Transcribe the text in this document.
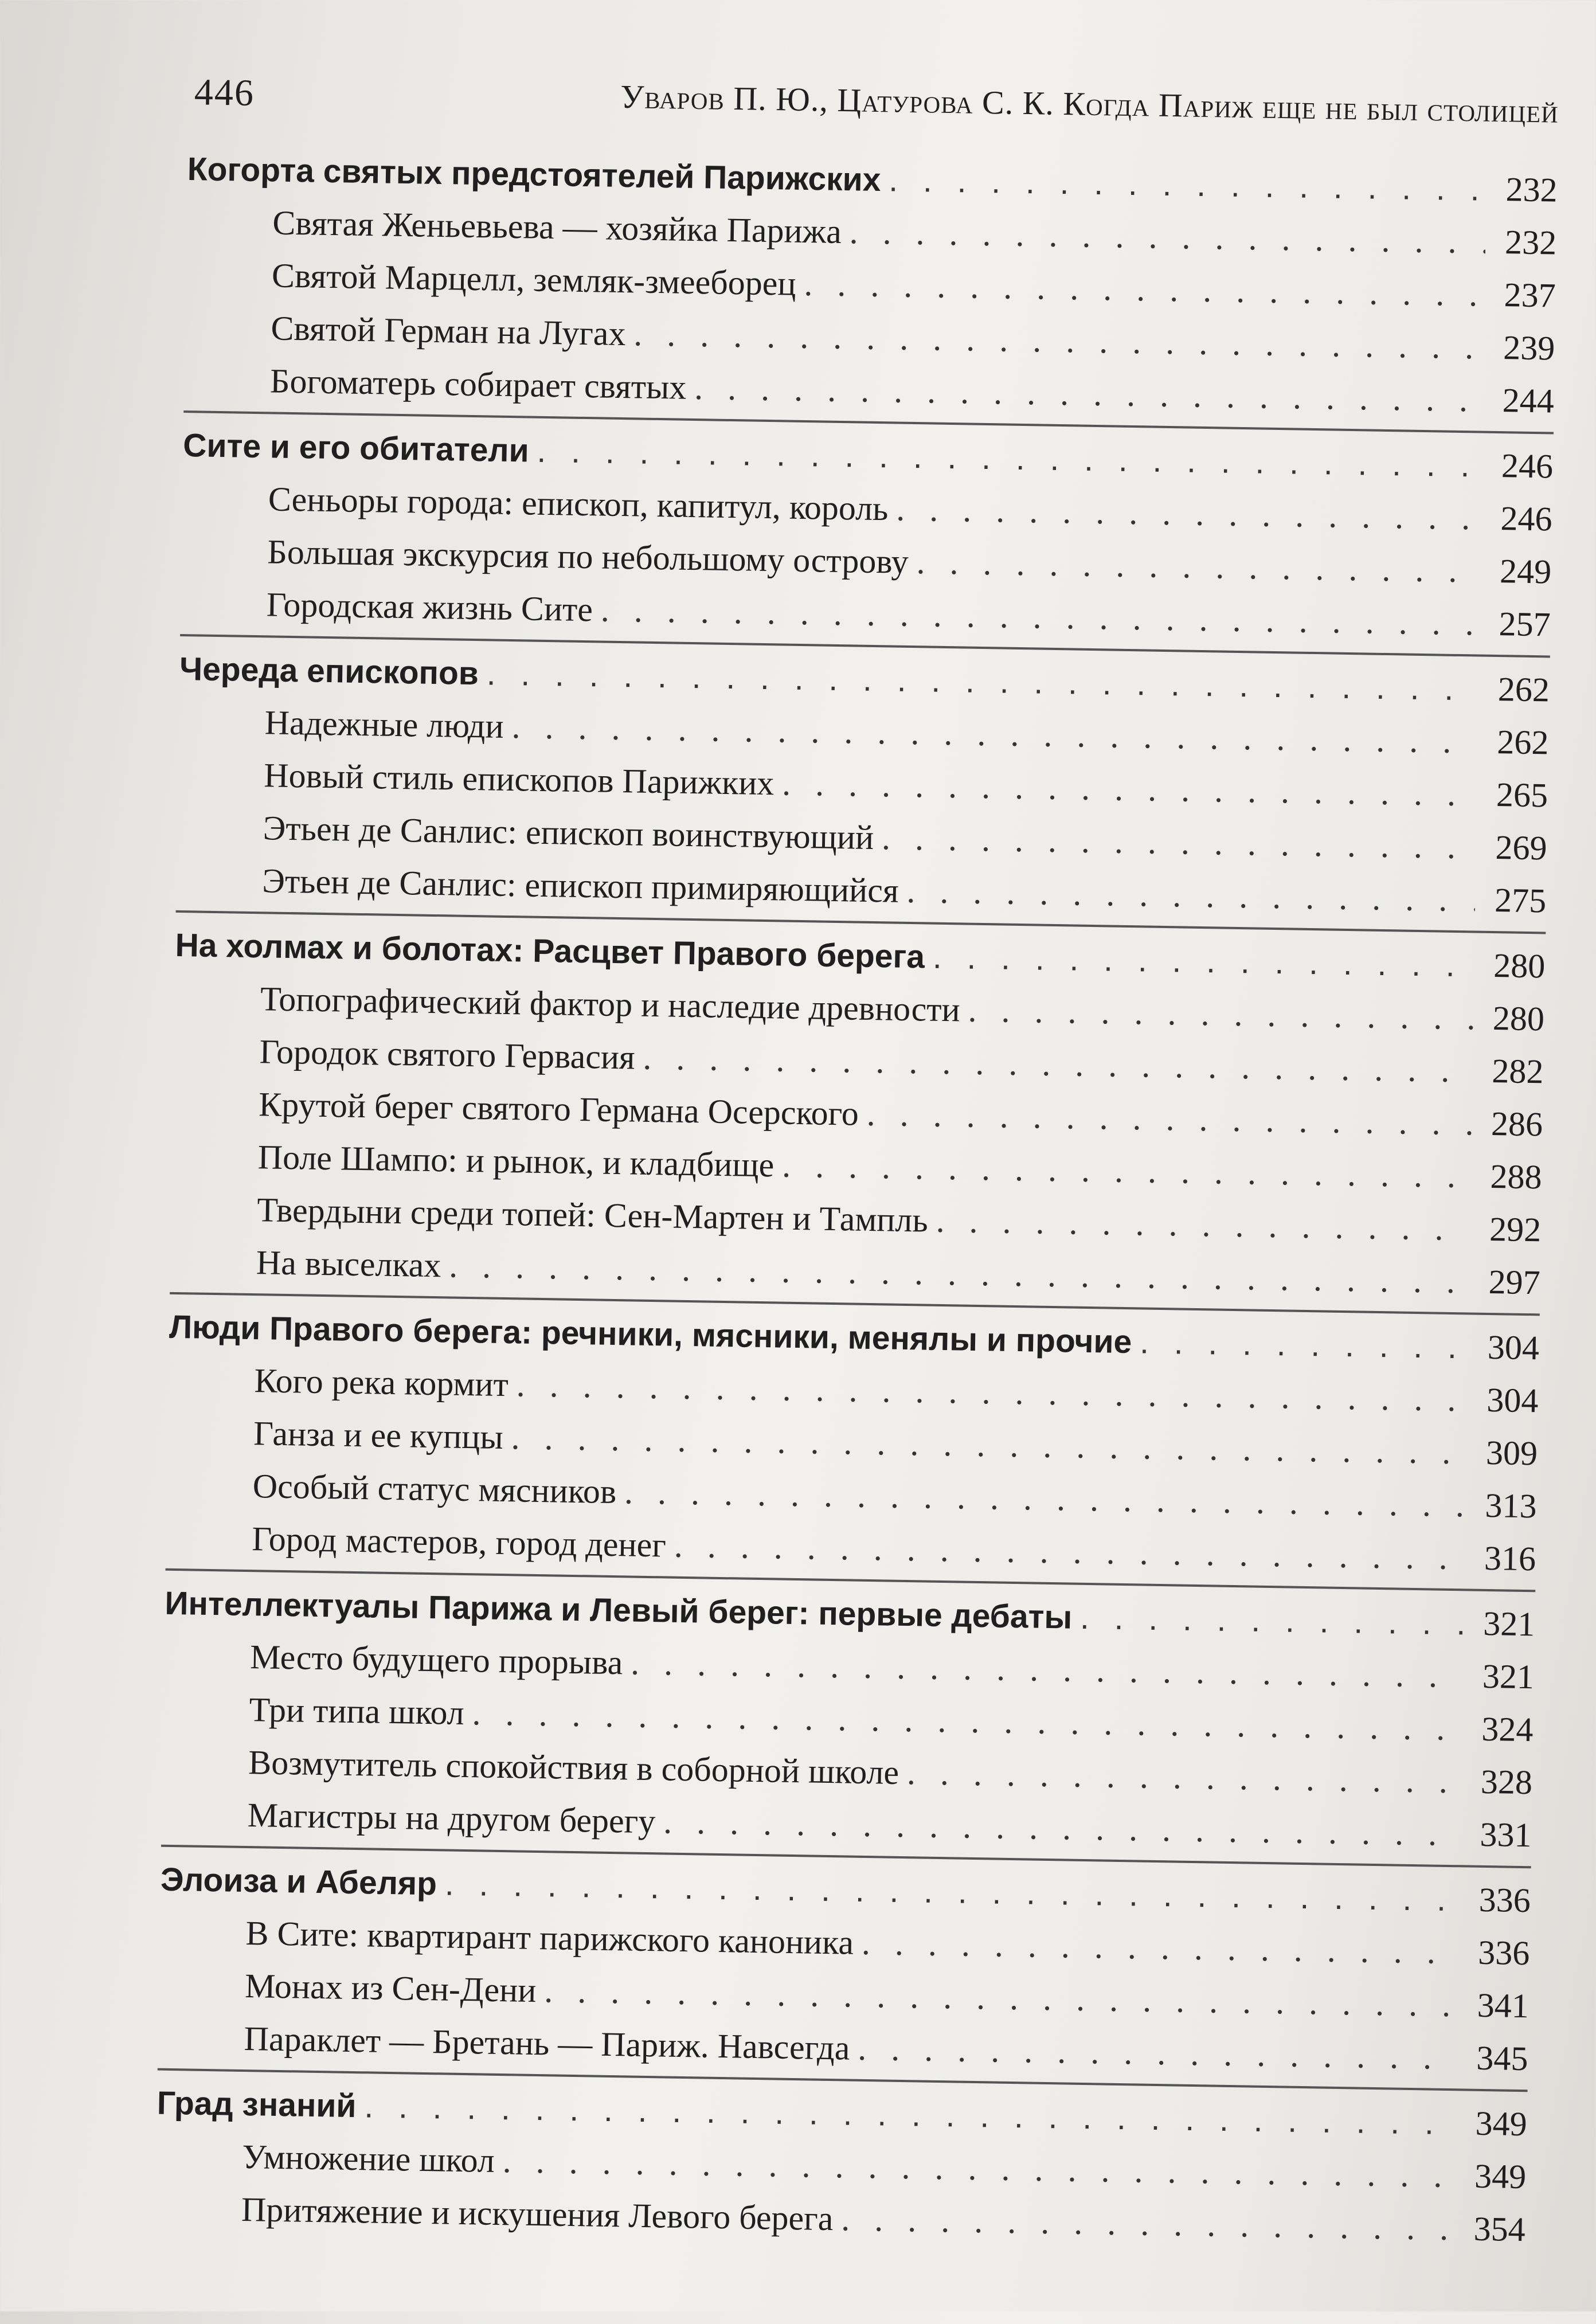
446	Уваров П. Ю., Цатурова С. К. Когда Париж еще не был столицей
Когорта святых предстоятелей Парижских . . .	232
Святая Женьевьева — хозяйка Парижа . . .	232
Святой Марцелл, земляк-змееборец . . .	237
Святой Герман на Лугах . . .	239
Богоматерь собирает святых . . .	244
Сите и его обитатели . . .	246
Сеньоры города: епископ, капитул, король . . .	246
Большая экскурсия по небольшому острову . . .	249
Городская жизнь Сите . . .	257
Череда епископов . . .	262
Надежные люди . . .	262
Новый стиль епископов Парижких . . .	265
Этьен де Санлис: епископ воинствующий . . .	269
Этьен де Санлис: епископ примиряющийся . . .	275
На холмах и болотах: Расцвет Правого берега . . .	280
Топографический фактор и наследие древности . . .	280
Городок святого Гервасия . . .	282
Крутой берег святого Германа Осерского . . .	286
Поле Шампо: и рынок, и кладбище . . .	288
Твердыни среди топей: Сен-Мартен и Тампль . . .	292
На выселках . . .	297
Люди Правого берега: речники, мясники, менялы и прочие . . .	304
Кого река кормит . . .	304
Ганза и ее купцы . . .	309
Особый статус мясников . . .	313
Город мастеров, город денег . . .	316
Интеллектуалы Парижа и Левый берег: первые дебаты . . .	321
Место будущего прорыва . . .	321
Три типа школ . . .	324
Возмутитель спокойствия в соборной школе . . .	328
Магистры на другом берегу . . .	331
Элоиза и Абеляр . . .	336
В Сите: квартирант парижского каноника . . .	336
Монах из Сен-Дени . . .	341
Параклет — Бретань — Париж. Навсегда . . .	345
Град знаний . . .	349
Умножение школ . . .	349
Притяжение и искушения Левого берега . . .	354
